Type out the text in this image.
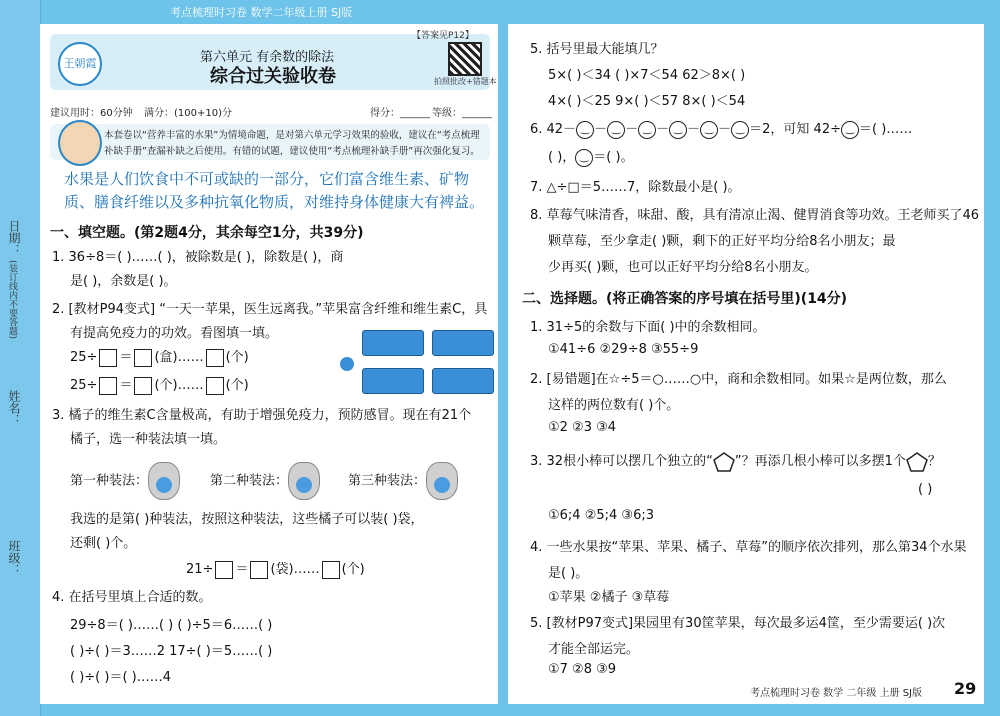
考点梳理时习卷 数学二年级上册 SJ版
日期：
(装订线内不要答题)
姓名：
班级：
王朝霞	第六单元 有余数的除法
综合过关验收卷
【答案见P12】
拍照批改+错题本
建议用时：60分钟 满分：(100+10)分	得分：______ 等级：______
本套卷以“营养丰富的水果”为情境命题，是对第六单元学习效果的验收，建议在“考点梳理补缺手册”查漏补缺之后使用。有错的试题，建议使用“考点梳理补缺手册”再次强化复习。
水果是人们饮食中不可或缺的一部分，它们富含维生素、矿物质、膳食纤维以及多种抗氧化物质，对维持身体健康大有裨益。
一、填空题。(第2题4分，其余每空1分，共39分)
1. 36÷8＝( )……( )，被除数是( )，除数是( )，商
是( )，余数是( )。
2. [教材P94变式] “一天一苹果，医生远离我。”苹果富含纤维和维生素C，具
有提高免疫力的功效。看图填一填。
25÷ ＝ (盒)…… (个)
25÷ ＝ (个)…… (个)

3. 橘子的维生素C含量极高，有助于增强免疫力，预防感冒。现在有21个
橘子，选一种装法填一填。
第一种装法：	第二种装法：	第三种装法：
我选的是第( )种装法，按照这种装法，这些橘子可以装( )袋，
还剩( )个。
21÷ ＝ (袋)…… (个)
4. 在括号里填上合适的数。
29÷8＝( )……( ) ( )÷5＝6……( )
( )÷( )＝3……2 17÷( )＝5……( )
( )÷( )＝( )……4
5. 括号里最大能填几？
5×( )＜34 ( )×7＜54 62＞8×( )
4×( )＜25 9×( )＜57 8×( )＜54
6. 42－ ‿ － ‿ － ‿ － ‿ － ‿ － ‿ ＝2，可知 42÷ ‿ ＝( )……
( )， ‿ ＝( )。
7. △÷□＝5……7，除数最小是( )。
8. 草莓气味清香，味甜、酸，具有清凉止渴、健胃消食等功效。王老师买了46
颗草莓，至少拿走( )颗，剩下的正好平均分给8名小朋友；最
少再买( )颗，也可以正好平均分给8名小朋友。
二、选择题。(将正确答案的序号填在括号里)(14分)
1. 31÷5的余数与下面( )中的余数相同。
①41÷6 ②29÷8 ③55÷9
2. [易错题]在☆÷5＝○……○中，商和余数相同。如果☆是两位数，那么
这样的两位数有( )个。
①2 ②3 ③4
3. 32根小棒可以摆几个独立的“ ”？再添几根小棒可以多摆1个 ？
( )
①6;4 ②5;4 ③6;3
4. 一些水果按“苹果、苹果、橘子、草莓”的顺序依次排列，那么第34个水果
是( )。
①苹果 ②橘子 ③草莓
5. [教材P97变式]果园里有30筐苹果，每次最多运4筐，至少需要运( )次
才能全部运完。
①7 ②8 ③9
考点梳理时习卷 数学 二年级 上册 SJ版 29
